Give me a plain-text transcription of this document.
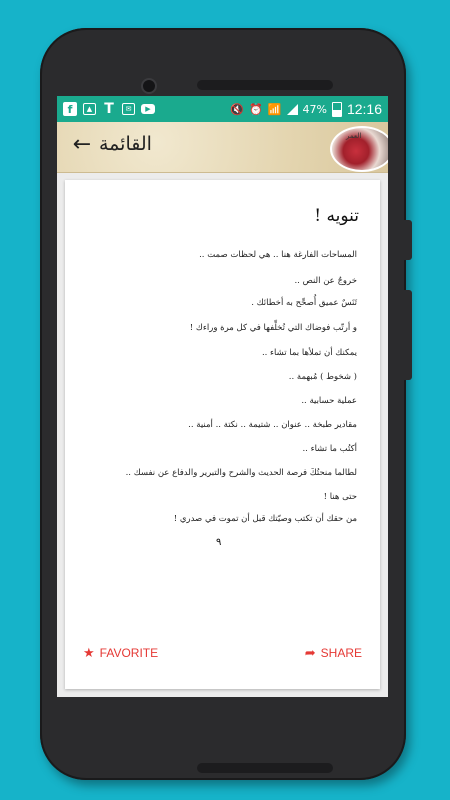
f	▲ T	✉	▶	🔇 ⏰ 📶 47% 12:16
← القائمة	العمر
تنويه !
المساحات الفارغة هنا .. هي لحظات صمت ..
خروجٌ عن النص ..
تَنَسٌ عميق أُصحِّح به أخطائك .
و أرتّب فوضاك التي تُخلِّفها في كل مرة وراءك !
يمكنك أن تملأها بما تشاء ..
( شخوط ) مُبهمة ..
عملية حسابية ..
مقادير طبخة .. عنوان .. شتيمة .. نكتة .. أمنية ..
أكتُب ما تشاء ..
لطالما منحتُكَ فرصة الحديث والشرح والتبرير والدفاع عن نفسك ..
حتى هنا !
من حقك أن تكتب وصيّتك قبل أن تموت في صدري !
٩
★ FAVORITE	➦ SHARE
